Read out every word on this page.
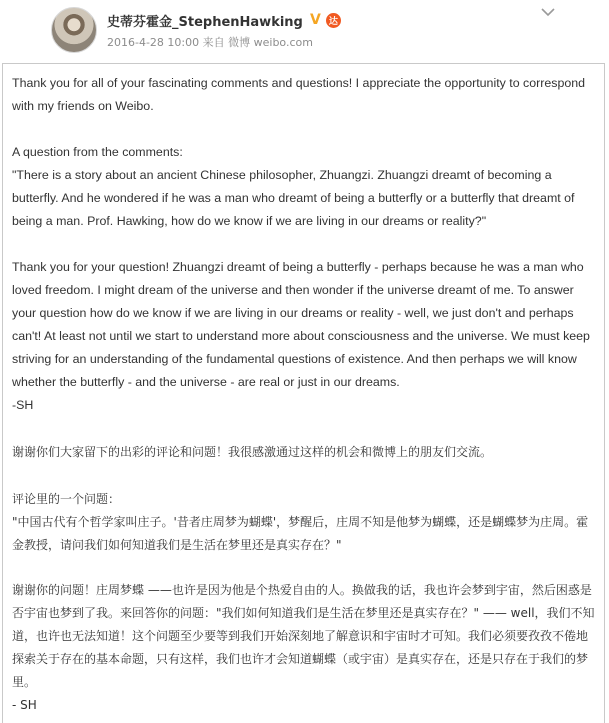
史蒂芬霍金_StephenHawking V 达
2016-4-28 10:00 来自 微博 weibo.com

Thank you for all of your fascinating comments and questions! I appreciate the opportunity to correspond with my friends on Weibo.

A question from the comments:

"There is a story about an ancient Chinese philosopher, Zhuangzi. Zhuangzi dreamt of becoming a butterfly. And he wondered if he was a man who dreamt of being a butterfly or a butterfly that dreamt of being a man. Prof. Hawking, how do we know if we are living in our dreams or reality?"

Thank you for your question! Zhuangzi dreamt of being a butterfly - perhaps because he was a man who loved freedom. I might dream of the universe and then wonder if the universe dreamt of me. To answer your question how do we know if we are living in our dreams or reality - well, we just don't and perhaps can't! At least not until we start to understand more about consciousness and the universe. We must keep striving for an understanding of the fundamental questions of existence. And then perhaps we will know whether the butterfly - and the universe - are real or just in our dreams.

-SH

谢谢你们大家留下的出彩的评论和问题！我很感激通过这样的机会和微博上的朋友们交流。

评论里的一个问题：

"中国古代有个哲学家叫庄子。'昔者庄周梦为蝴蝶'，梦醒后，庄周不知是他梦为蝴蝶，还是蝴蝶梦为庄周。霍金教授，请问我们如何知道我们是生活在梦里还是真实存在？"

谢谢你的问题！庄周梦蝶 ——也许是因为他是个热爱自由的人。换做我的话，我也许会梦到宇宙，然后困惑是否宇宙也梦到了我。来回答你的问题："我们如何知道我们是生活在梦里还是真实存在？" —— well，我们不知道，也许也无法知道！这个问题至少要等到我们开始深刻地了解意识和宇宙时才可知。我们必须要孜孜不倦地探索关于存在的基本命题，只有这样，我们也许才会知道蝴蝶（或宇宙）是真实存在，还是只存在于我们的梦里。

- SH
